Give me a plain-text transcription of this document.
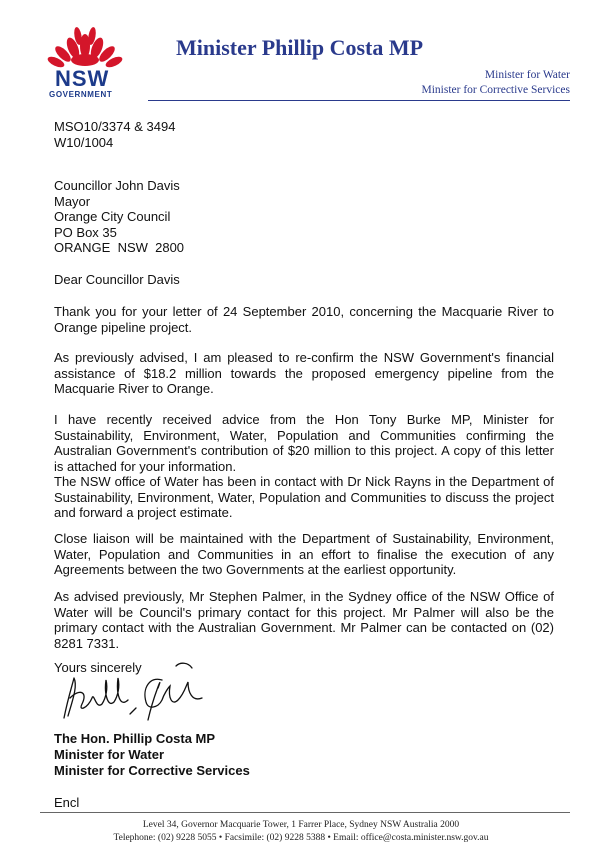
NSW
GOVERNMENT
Minister Phillip Costa MP
Minister for Water
Minister for Corrective Services
MSO10/3374 & 3494
W10/1004
Councillor John Davis
Mayor
Orange City Council
PO Box 35
ORANGE  NSW  2800
Dear Councillor Davis

Thank you for your letter of 24 September 2010, concerning the Macquarie River to Orange pipeline project.

As previously advised, I am pleased to re-confirm the NSW Government's financial assistance of $18.2 million towards the proposed emergency pipeline from the Macquarie River to Orange.

I have recently received advice from the Hon Tony Burke MP, Minister for Sustainability, Environment, Water, Population and Communities confirming the Australian Government's contribution of $20 million to this project. A copy of this letter is attached for your information.

The NSW office of Water has been in contact with Dr Nick Rayns in the Department of Sustainability, Environment, Water, Population and Communities to discuss the project and forward a project estimate.

Close liaison will be maintained with the Department of Sustainability, Environment, Water, Population and Communities in an effort to finalise the execution of any Agreements between the two Governments at the earliest opportunity.

As advised previously, Mr Stephen Palmer, in the Sydney office of the NSW Office of Water will be Council's primary contact for this project. Mr Palmer will also be the primary contact with the Australian Government. Mr Palmer can be contacted on (02) 8281 7331.

Yours sincerely
The Hon. Phillip Costa MP
Minister for Water
Minister for Corrective Services
Encl
Level 34, Governor Macquarie Tower, 1 Farrer Place, Sydney NSW Australia 2000
Telephone: (02) 9228 5055 • Facsimile: (02) 9228 5388 • Email: office@costa.minister.nsw.gov.au
